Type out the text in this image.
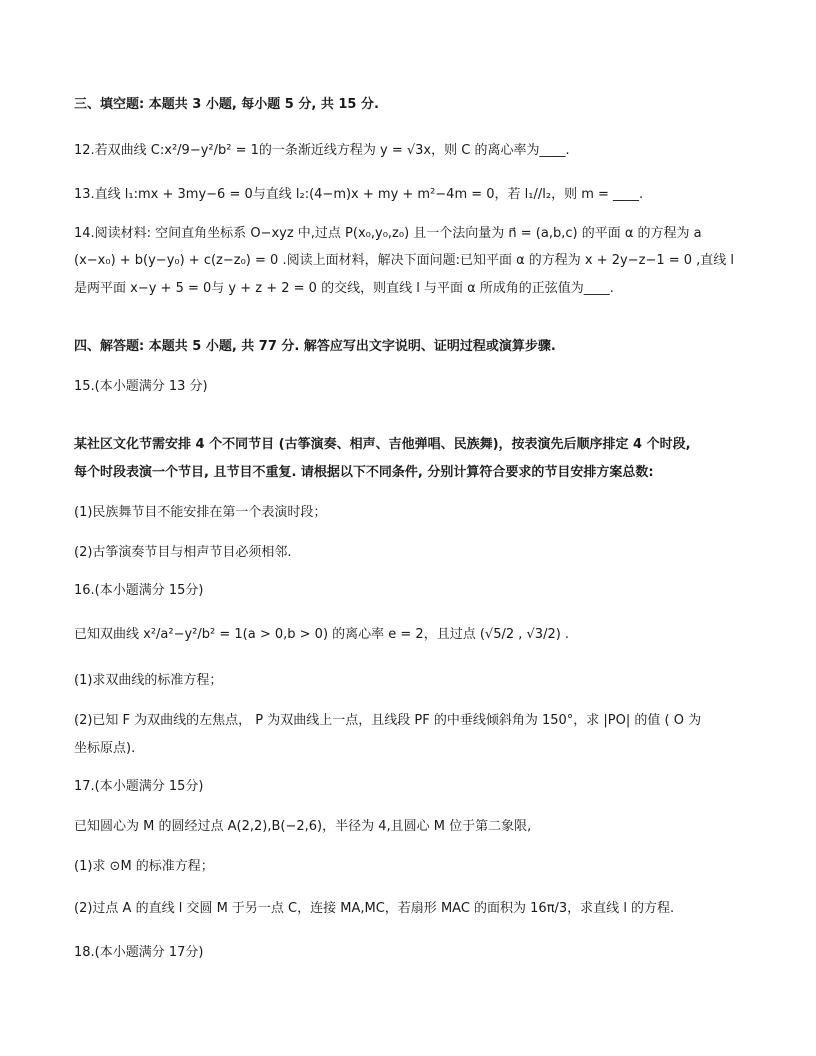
三、填空题: 本题共 3 小题, 每小题 5 分, 共 15 分.
12.若双曲线 C:x²/9−y²/b² = 1的一条渐近线方程为 y = √3x，则 C 的离心率为____.
13.直线 l₁:mx + 3my−6 = 0与直线 l₂:(4−m)x + my + m²−4m = 0，若 l₁//l₂，则 m = ____.
14.阅读材料: 空间直角坐标系 O−xyz 中,过点 P(x₀,y₀,z₀) 且一个法向量为 n⃗ = (a,b,c) 的平面 α 的方程为 a
(x−x₀) + b(y−y₀) + c(z−z₀) = 0 .阅读上面材料，解决下面问题:已知平面 α 的方程为 x + 2y−z−1 = 0 ,直线 l
是两平面 x−y + 5 = 0与 y + z + 2 = 0 的交线，则直线 l 与平面 α 所成角的正弦值为____.
四、解答题: 本题共 5 小题, 共 77 分. 解答应写出文字说明、证明过程或演算步骤.
15.(本小题满分 13 分)
某社区文化节需安排 4 个不同节目 (古筝演奏、相声、吉他弹唱、民族舞)，按表演先后顺序排定 4 个时段,
每个时段表演一个节目, 且节目不重复. 请根据以下不同条件, 分别计算符合要求的节目安排方案总数:
(1)民族舞节目不能安排在第一个表演时段；
(2)古筝演奏节目与相声节目必须相邻.
16.(本小题满分 15分)
已知双曲线 x²/a²−y²/b² = 1(a > 0,b > 0) 的离心率 e = 2，且过点 (√5/2 , √3/2) .
(1)求双曲线的标准方程；
(2)已知 F 为双曲线的左焦点， P 为双曲线上一点，且线段 PF 的中垂线倾斜角为 150°，求 |PO| 的值 ( O 为
坐标原点).
17.(本小题满分 15分)
已知圆心为 M 的圆经过点 A(2,2),B(−2,6)，半径为 4,且圆心 M 位于第二象限,
(1)求 ⊙M 的标准方程；
(2)过点 A 的直线 l 交圆 M 于另一点 C，连接 MA,MC，若扇形 MAC 的面积为 16π/3，求直线 l 的方程.
18.(本小题满分 17分)
